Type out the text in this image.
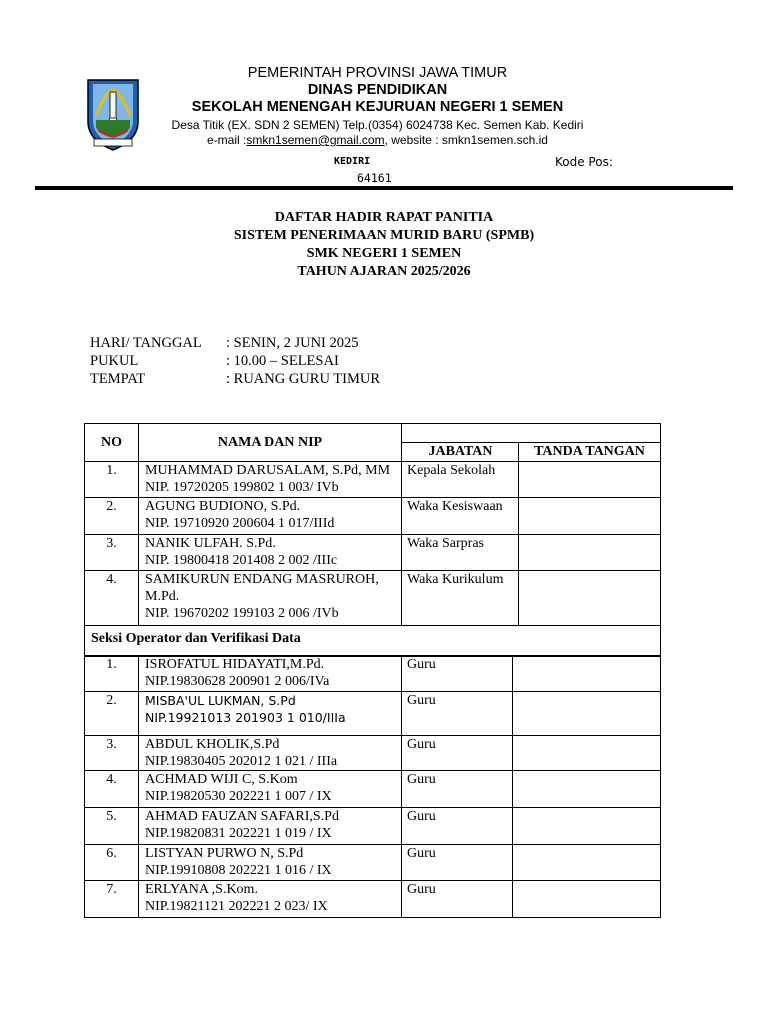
PEMERINTAH PROVINSI JAWA TIMUR
DINAS PENDIDIKAN
SEKOLAH MENENGAH KEJURUAN NEGERI 1 SEMEN
Desa Titik (EX. SDN 2 SEMEN) Telp.(0354) 6024738 Kec. Semen Kab. Kediri
e-mail :smkn1semen@gmail.com, website : smkn1semen.sch.id
KEDIRI	Kode Pos:
64161
DAFTAR HADIR RAPAT PANITIA
SISTEM PENERIMAAN MURID BARU (SPMB)
SMK NEGERI 1 SEMEN
TAHUN AJARAN 2025/2026
HARI/ TANGGAL : SENIN, 2 JUNI 2025
PUKUL	: 10.00 – SELESAI
TEMPAT	: RUANG GURU TIMUR
NO	NAMA DAN NIP		
		JABATAN	TANDA TANGAN
1.	MUHAMMAD DARUSALAM, S.Pd, MM
NIP. 19720205 199802 1 003/ IVb	Kepala Sekolah	
2.	AGUNG BUDIONO, S.Pd.
NIP. 19710920 200604 1 017/IIId	Waka Kesiswaan	
3.	NANIK ULFAH. S.Pd.
NIP. 19800418 201408 2 002 /IIIc	Waka Sarpras	
4.	SAMIKURUN ENDANG MASRUROH, M.Pd.
NIP. 19670202 199103 2 006 /IVb	Waka Kurikulum	
Seksi Operator dan Verifikasi Data			
1.	ISROFATUL HIDAYATI,M.Pd.
NIP.19830628 200901 2 006/IVa	Guru	
2.	MISBA'UL LUKMAN, S.Pd
NIP.19921013 201903 1 010/IIIa	Guru	
3.	ABDUL KHOLIK,S.Pd
NIP.19830405 202012 1 021 / IIIa	Guru	
4.	ACHMAD WIJI C, S.Kom
NIP.19820530 202221 1 007 / IX	Guru	
5.	AHMAD FAUZAN SAFARI,S.Pd
NIP.19820831 202221 1 019 / IX	Guru	
6.	LISTYAN PURWO N, S.Pd
NIP.19910808 202221 1 016 / IX	Guru	
7.	ERLYANA ,S.Kom.
NIP.19821121 202221 2 023/ IX	Guru	
